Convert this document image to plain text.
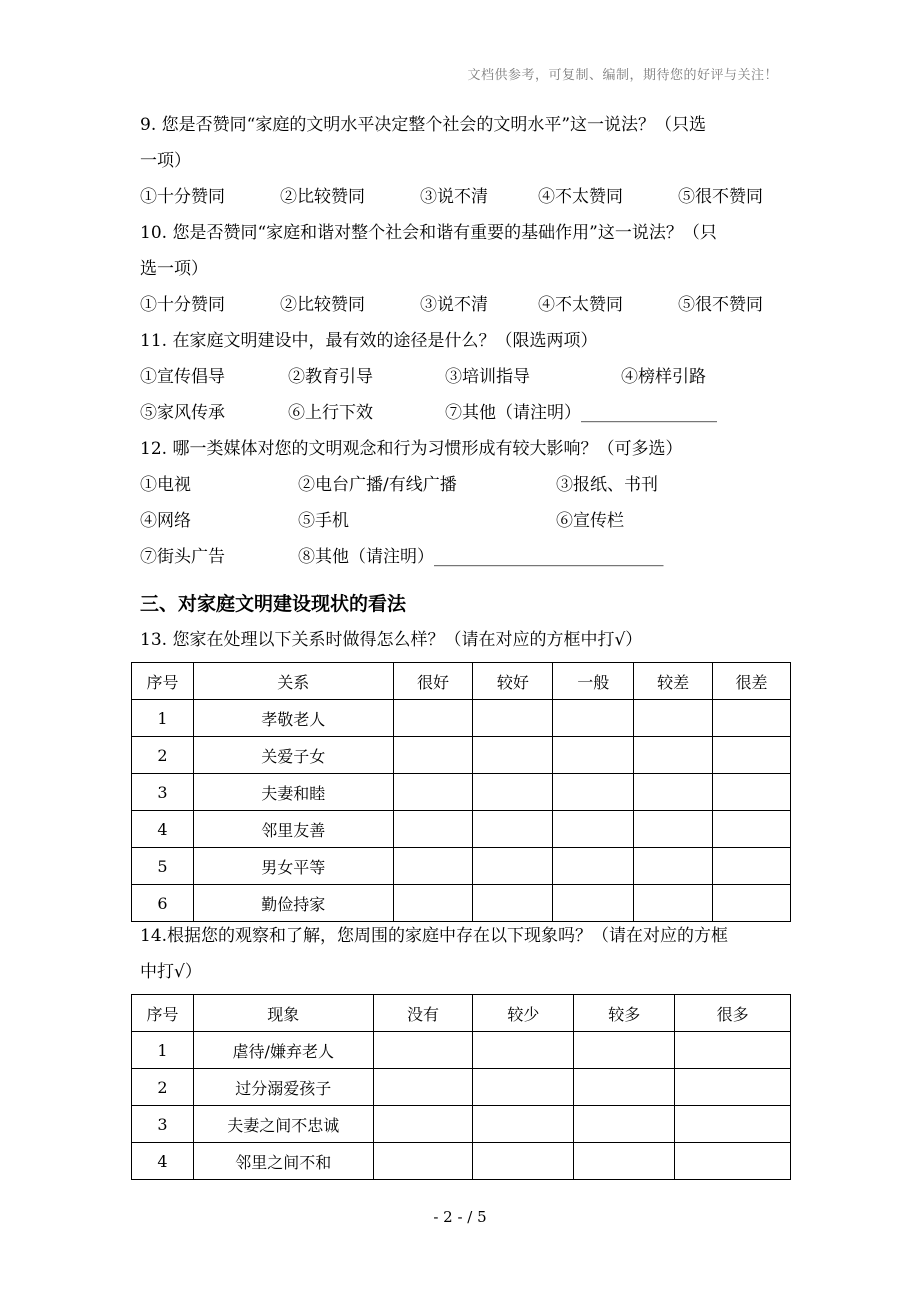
文档供参考，可复制、编制，期待您的好评与关注！

9. 您是否赞同“家庭的文明水平决定整个社会的文明水平”这一说法？（只选

一项）

①十分赞同	②比较赞同	③说不清	④不太赞同	⑤很不赞同

10. 您是否赞同“家庭和谐对整个社会和谐有重要的基础作用”这一说法？（只

选一项）

①十分赞同	②比较赞同	③说不清	④不太赞同	⑤很不赞同

11. 在家庭文明建设中，最有效的途径是什么？（限选两项）

①宣传倡导	②教育引导	③培训指导	④榜样引路
⑤家风传承	⑥上行下效	⑦其他（请注明）________________

12. 哪一类媒体对您的文明观念和行为习惯形成有较大影响？（可多选）

①电视	②电台广播/有线广播	③报纸、书刊
④网络	⑤手机	⑥宣传栏
⑦街头广告	⑧其他（请注明）___________________________
三、对家庭文明建设现状的看法

13. 您家在处理以下关系时做得怎么样？（请在对应的方框中打√）

序号	关系	很好	较好	一般	较差	很差
1	孝敬老人					
2	关爱子女					
3	夫妻和睦					
4	邻里友善					
5	男女平等					
6	勤俭持家					

14.根据您的观察和了解，您周围的家庭中存在以下现象吗？（请在对应的方框

中打√）

序号	现象	没有	较少	较多	很多
1	虐待/嫌弃老人				
2	过分溺爱孩子				
3	夫妻之间不忠诚				
4	邻里之间不和				
- 2 - / 5
